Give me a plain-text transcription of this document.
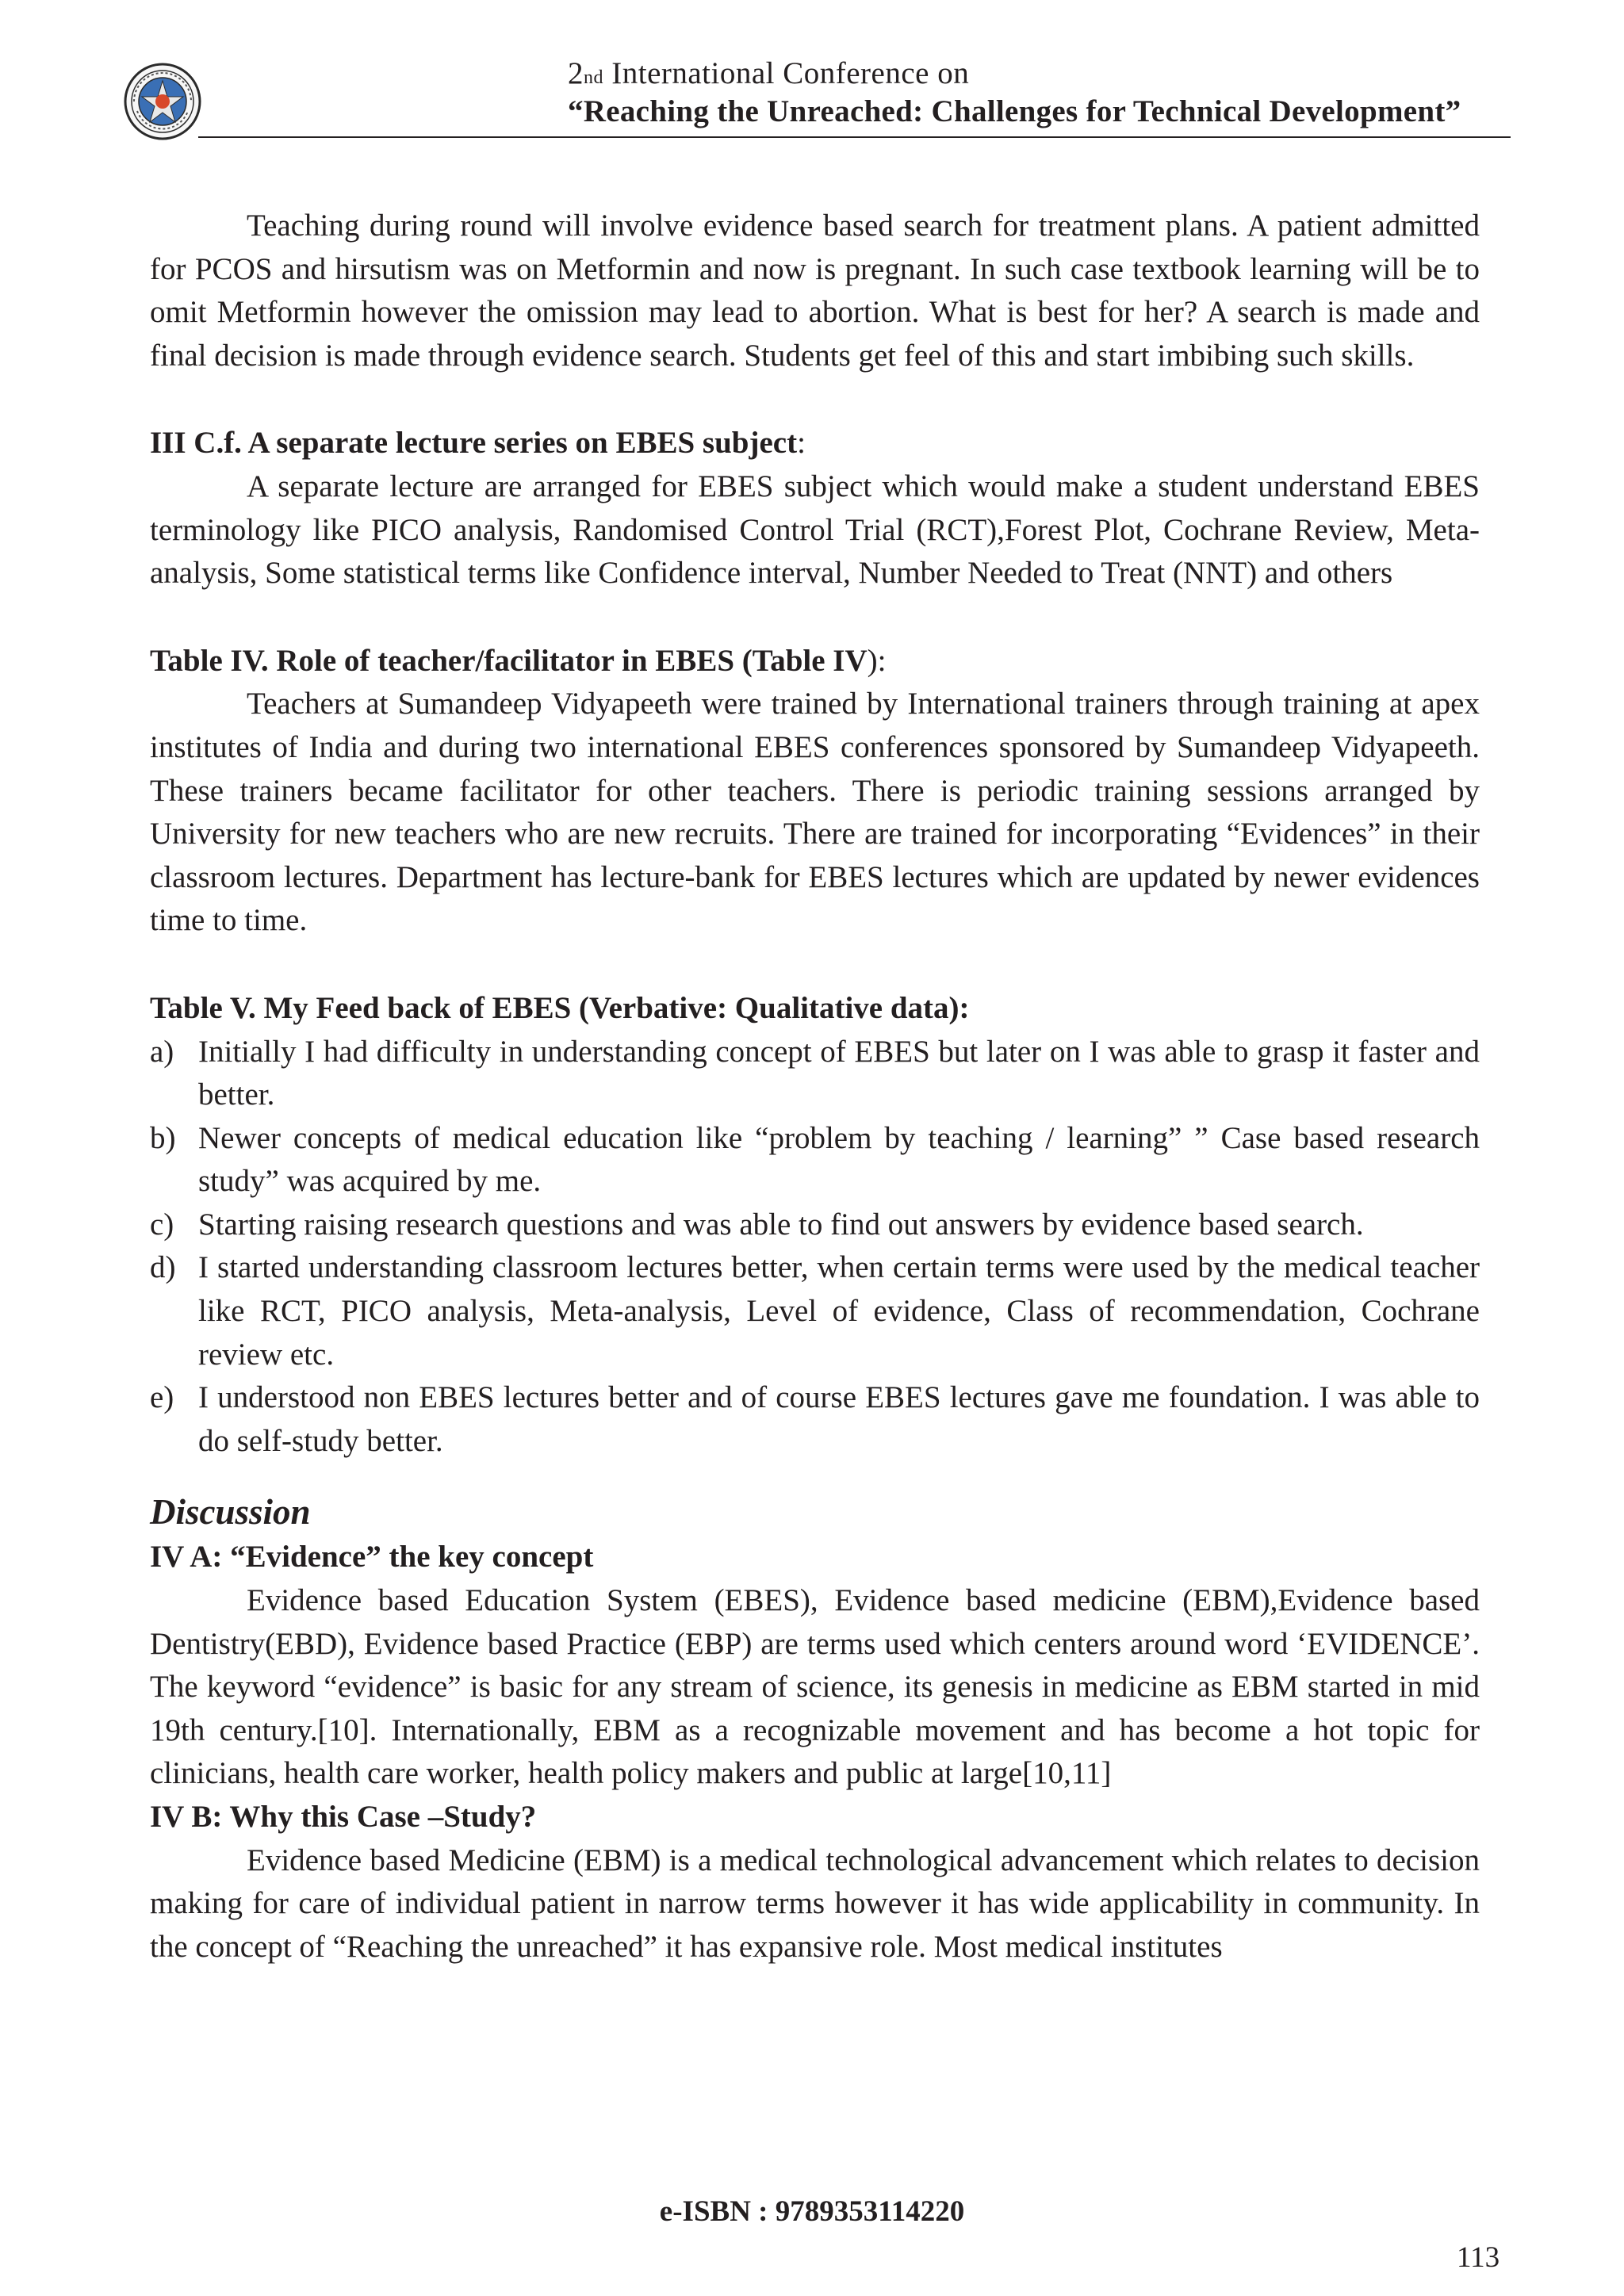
2nd International Conference on
“Reaching the Unreached: Challenges for Technical Development”

Teaching during round will involve evidence based search for treatment plans. A patient admitted for PCOS and hirsutism was on Metformin and now is pregnant. In such case textbook learning will be to omit Metformin however the omission may lead to abortion. What is best for her? A search is made and final decision is made through evidence search. Students get feel of this and start imbibing such skills.

III C.f. A separate lecture series on EBES subject:

A separate lecture are arranged for EBES subject which would make a student understand EBES terminology like PICO analysis, Randomised Control Trial (RCT),Forest Plot, Cochrane Review, Meta-analysis, Some statistical terms like Confidence interval, Number Needed to Treat (NNT) and others

Table IV. Role of teacher/facilitator in EBES (Table IV):

Teachers at Sumandeep Vidyapeeth were trained by International trainers through training at apex institutes of India and during two international EBES conferences sponsored by Sumandeep Vidyapeeth. These trainers became facilitator for other teachers. There is periodic training sessions arranged by University for new teachers who are new recruits. There are trained for incorporating “Evidences” in their classroom lectures. Department has lecture-bank for EBES lectures which are updated by newer evidences time to time.

Table V. My Feed back of EBES (Verbative: Qualitative data):

a) Initially I had difficulty in understanding concept of EBES but later on I was able to grasp it faster and better.
b) Newer concepts of medical education like “problem by teaching / learning” ” Case based research study” was acquired by me.
c) Starting raising research questions and was able to find out answers by evidence based search.
d) I started understanding classroom lectures better, when certain terms were used by the medical teacher like RCT, PICO analysis, Meta-analysis, Level of evidence, Class of recommendation, Cochrane review etc.
e) I understood non EBES lectures better and of course EBES lectures gave me foundation. I was able to do self-study better.

Discussion

IV A: “Evidence” the key concept

Evidence based Education System (EBES), Evidence based medicine (EBM),Evidence based Dentistry(EBD), Evidence based Practice (EBP) are terms used which centers around word ‘EVIDENCE’. The keyword “evidence” is basic for any stream of science, its genesis in medicine as EBM started in mid 19th century.[10]. Internationally, EBM as a recognizable movement and has become a hot topic for clinicians, health care worker, health policy makers and public at large[10,11]

IV B: Why this Case –Study?

Evidence based Medicine (EBM) is a medical technological advancement which relates to decision making for care of individual patient in narrow terms however it has wide applicability in community. In the concept of “Reaching the unreached” it has expansive role. Most medical institutes

e-ISBN : 9789353114220
113
